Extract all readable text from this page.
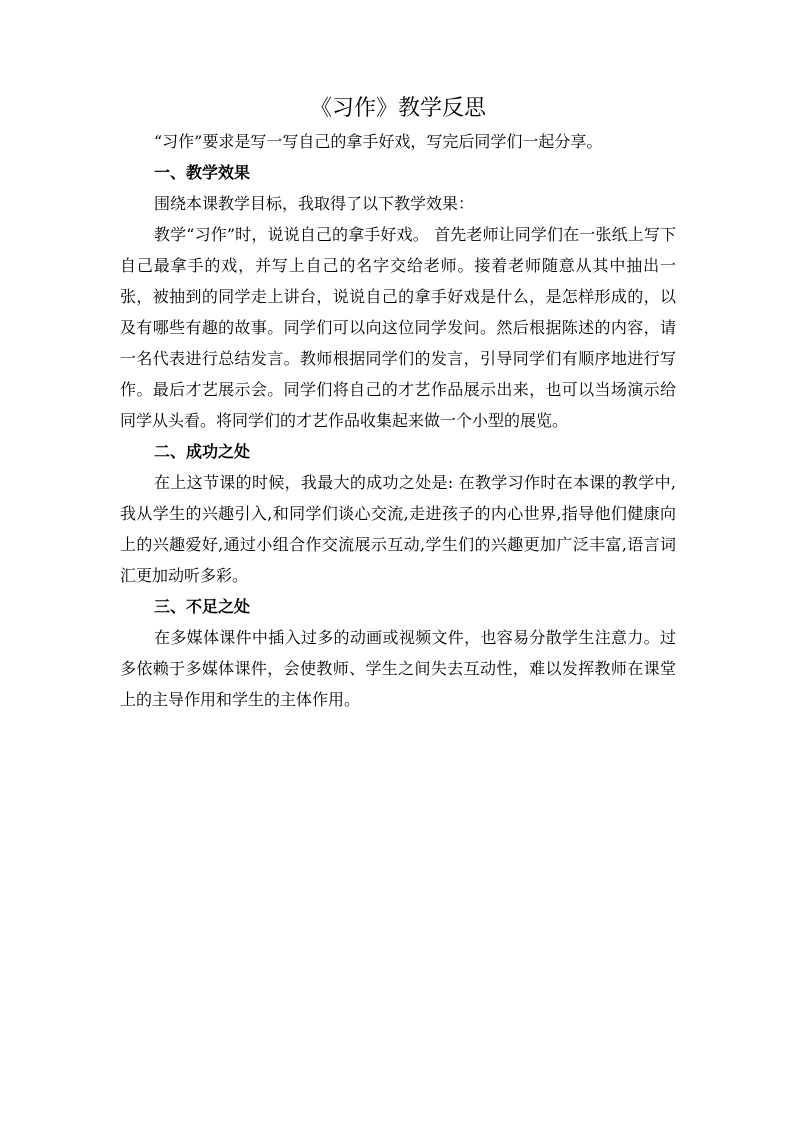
《习作》教学反思

“习作”要求是写一写自己的拿手好戏，写完后同学们一起分享。

一、教学效果

围绕本课教学目标，我取得了以下教学效果：

教学“习作”时，说说自己的拿手好戏。 首先老师让同学们在一张纸上写下自己最拿手的戏，并写上自己的名字交给老师。接着老师随意从其中抽出一张，被抽到的同学走上讲台，说说自己的拿手好戏是什么，是怎样形成的，以及有哪些有趣的故事。同学们可以向这位同学发问。然后根据陈述的内容，请一名代表进行总结发言。教师根据同学们的发言，引导同学们有顺序地进行写作。最后才艺展示会。同学们将自己的才艺作品展示出来，也可以当场演示给同学从头看。将同学们的才艺作品收集起来做一个小型的展览。

二、成功之处

在上这节课的时候，我最大的成功之处是: 在教学习作时在本课的教学中,我从学生的兴趣引入,和同学们谈心交流,走进孩子的内心世界,指导他们健康向上的兴趣爱好,通过小组合作交流展示互动,学生们的兴趣更加广泛丰富,语言词汇更加动听多彩。

三、不足之处

在多媒体课件中插入过多的动画或视频文件，也容易分散学生注意力。过多依赖于多媒体课件，会使教师、学生之间失去互动性，难以发挥教师在课堂上的主导作用和学生的主体作用。
